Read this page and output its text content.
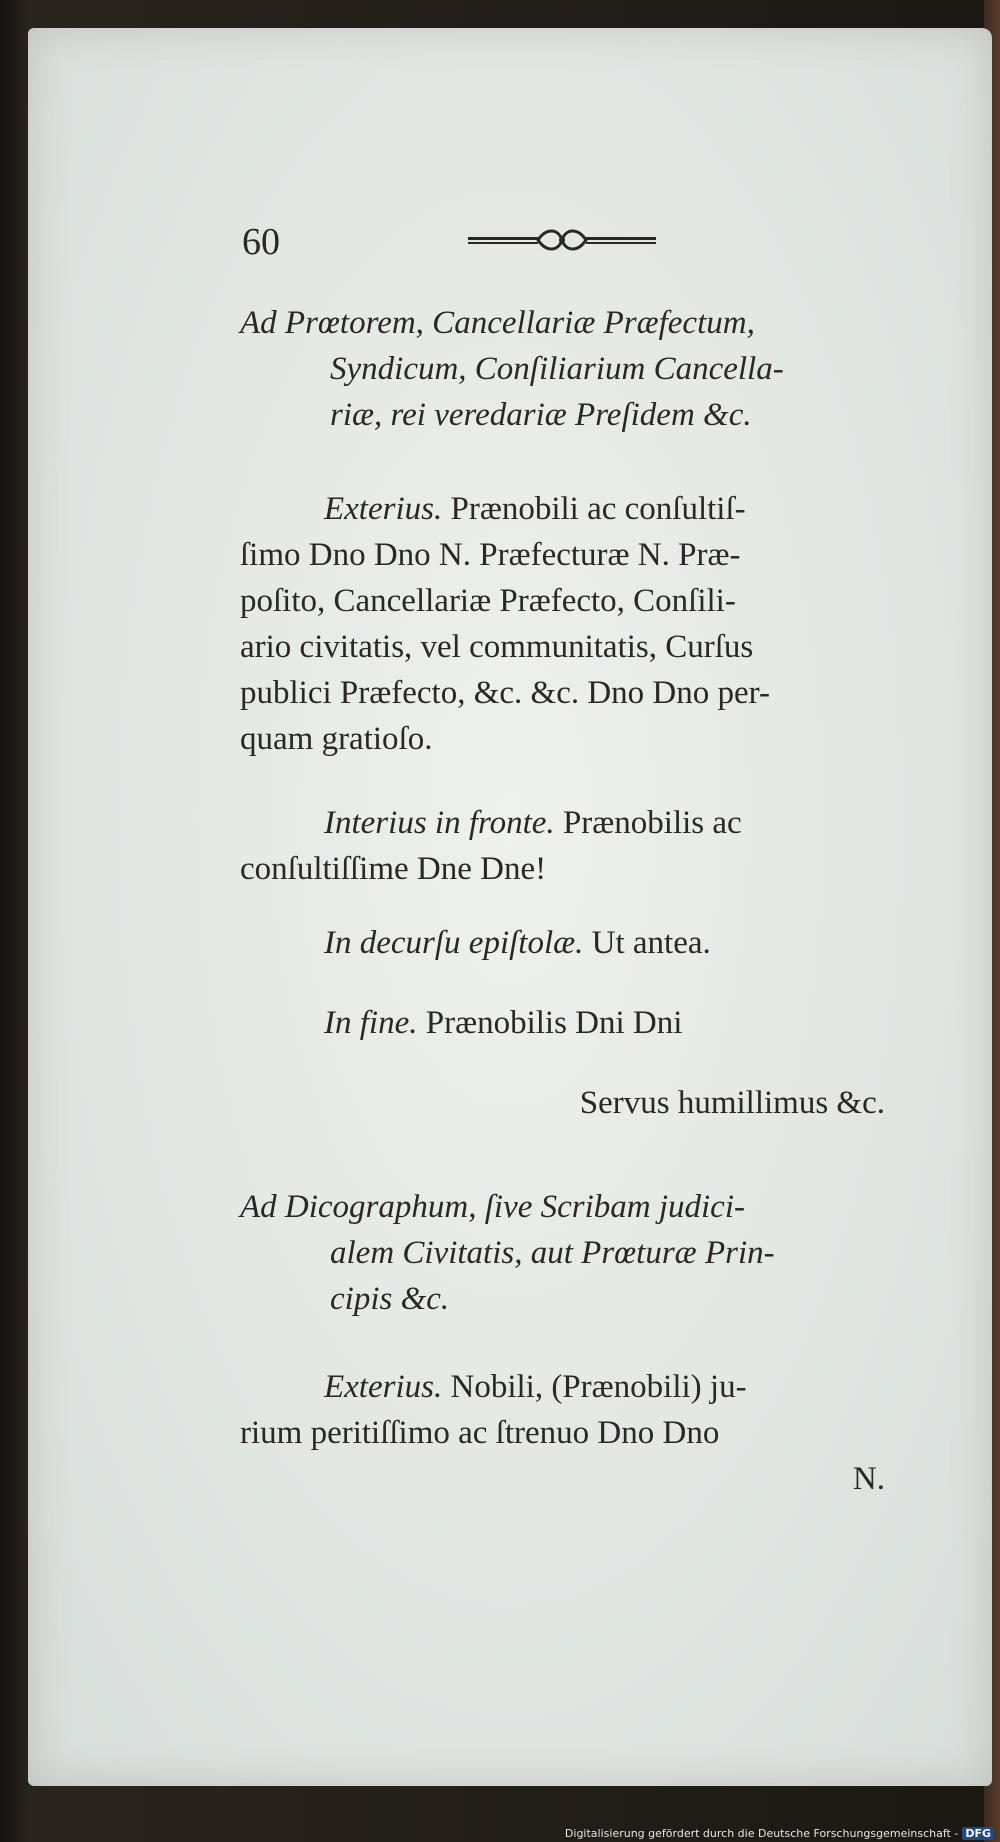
60

Ad Prœtorem, Cancellariæ Præfectum,

Syndicum, Conſiliarium Cancella-

riæ, rei veredariæ Preſidem &c.

Exterius. Prænobili ac conſultiſ-

ſimo Dno Dno N. Præfecturæ N. Præ-

poſito, Cancellariæ Præfecto, Conſili-

ario civitatis, vel communitatis, Curſus

publici Præfecto, &c. &c. Dno Dno per-

quam gratioſo.

Interius in fronte. Prænobilis ac

conſultiſſime Dne Dne!

In decurſu epiſtolæ. Ut antea.

In fine. Prænobilis Dni Dni

Servus humillimus &c.

Ad Dicographum, ſive Scribam judici-

alem Civitatis, aut Prœturæ Prin-

cipis &c.

Exterius. Nobili, (Prænobili) ju-

rium peritiſſimo ac ſtrenuo Dno Dno

N.

Digitalisierung gefördert durch die Deutsche Forschungsgemeinschaft - DFG
